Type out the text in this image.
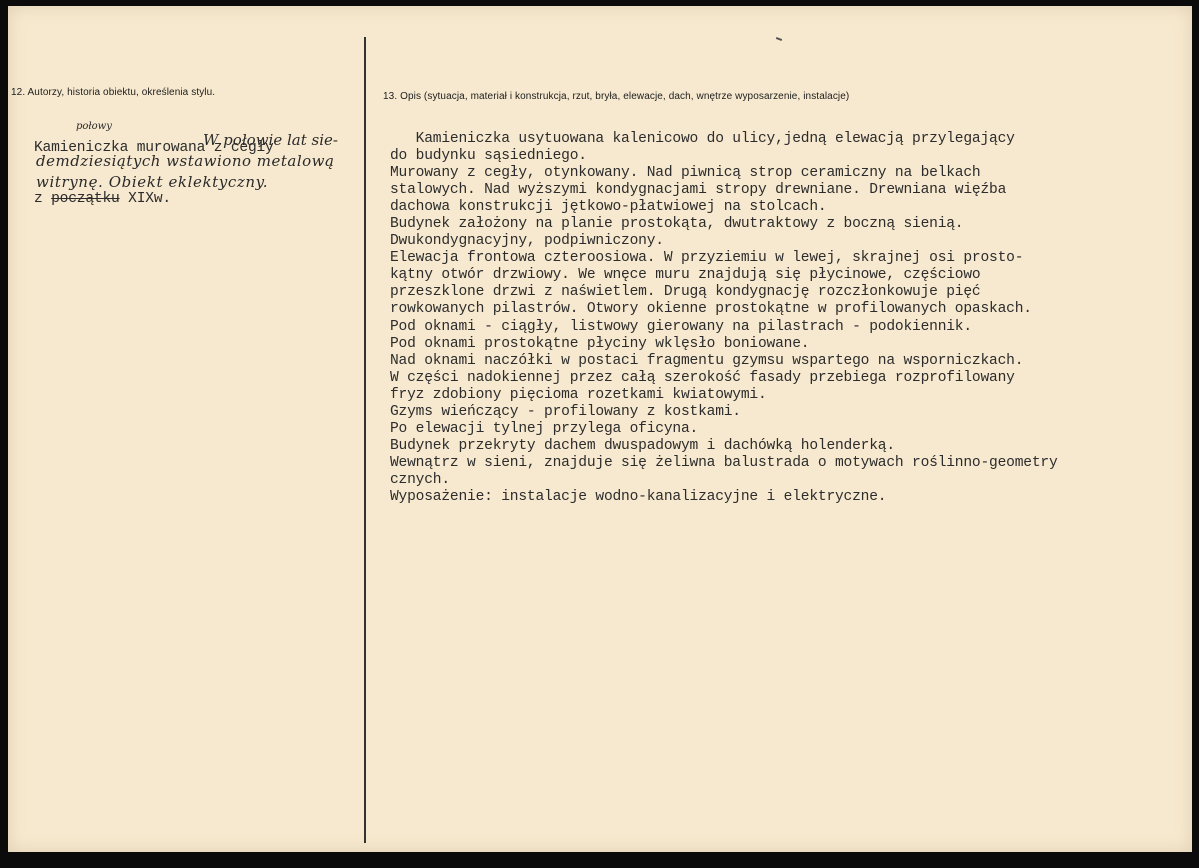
12. Autorzy, historia obiektu, określenia stylu.	13. Opis (sytuacja, materiał i konstrukcja, rzut, bryła, elewacje, dach, wnętrze wyposarzenie, instalacje)

Kamieniczka murowana z cegły

z początku XIXw.

połowy
W połowie lat sie-
demdziesiątych wstawiono metalową
witrynę. Obiekt eklektyczny.
Kamieniczka usytuowana kalenicowo do ulicy,jedną elewacją przylegający
do budynku sąsiedniego.
Murowany z cegły, otynkowany. Nad piwnicą strop ceramiczny na belkach
stalowych. Nad wyższymi kondygnacjami stropy drewniane. Drewniana więźba
dachowa konstrukcji jętkowo-płatwiowej na stolcach.
Budynek założony na planie prostokąta, dwutraktowy z boczną sienią.
Dwukondygnacyjny, podpiwniczony.
Elewacja frontowa czteroosiowa. W przyziemiu w lewej, skrajnej osi prosto-
kątny otwór drzwiowy. We wnęce muru znajdują się płycinowe, częściowo
przeszklone drzwi z naświetlem. Drugą kondygnację rozczłonkowuje pięć
rowkowanych pilastrów. Otwory okienne prostokątne w profilowanych opaskach.
Pod oknami - ciągły, listwowy gierowany na pilastrach - podokiennik.
Pod oknami prostokątne płyciny wklęsło boniowane.
Nad oknami naczółki w postaci fragmentu gzymsu wspartego na wsporniczkach.
W części nadokiennej przez całą szerokość fasady przebiega rozprofilowany
fryz zdobiony pięcioma rozetkami kwiatowymi.
Gzyms wieńczący - profilowany z kostkami.
Po elewacji tylnej przylega oficyna.
Budynek przekryty dachem dwuspadowym i dachówką holenderką.
Wewnątrz w sieni, znajduje się żeliwna balustrada o motywach roślinno-geometry
cznych.
Wyposażenie: instalacje wodno-kanalizacyjne i elektryczne.
